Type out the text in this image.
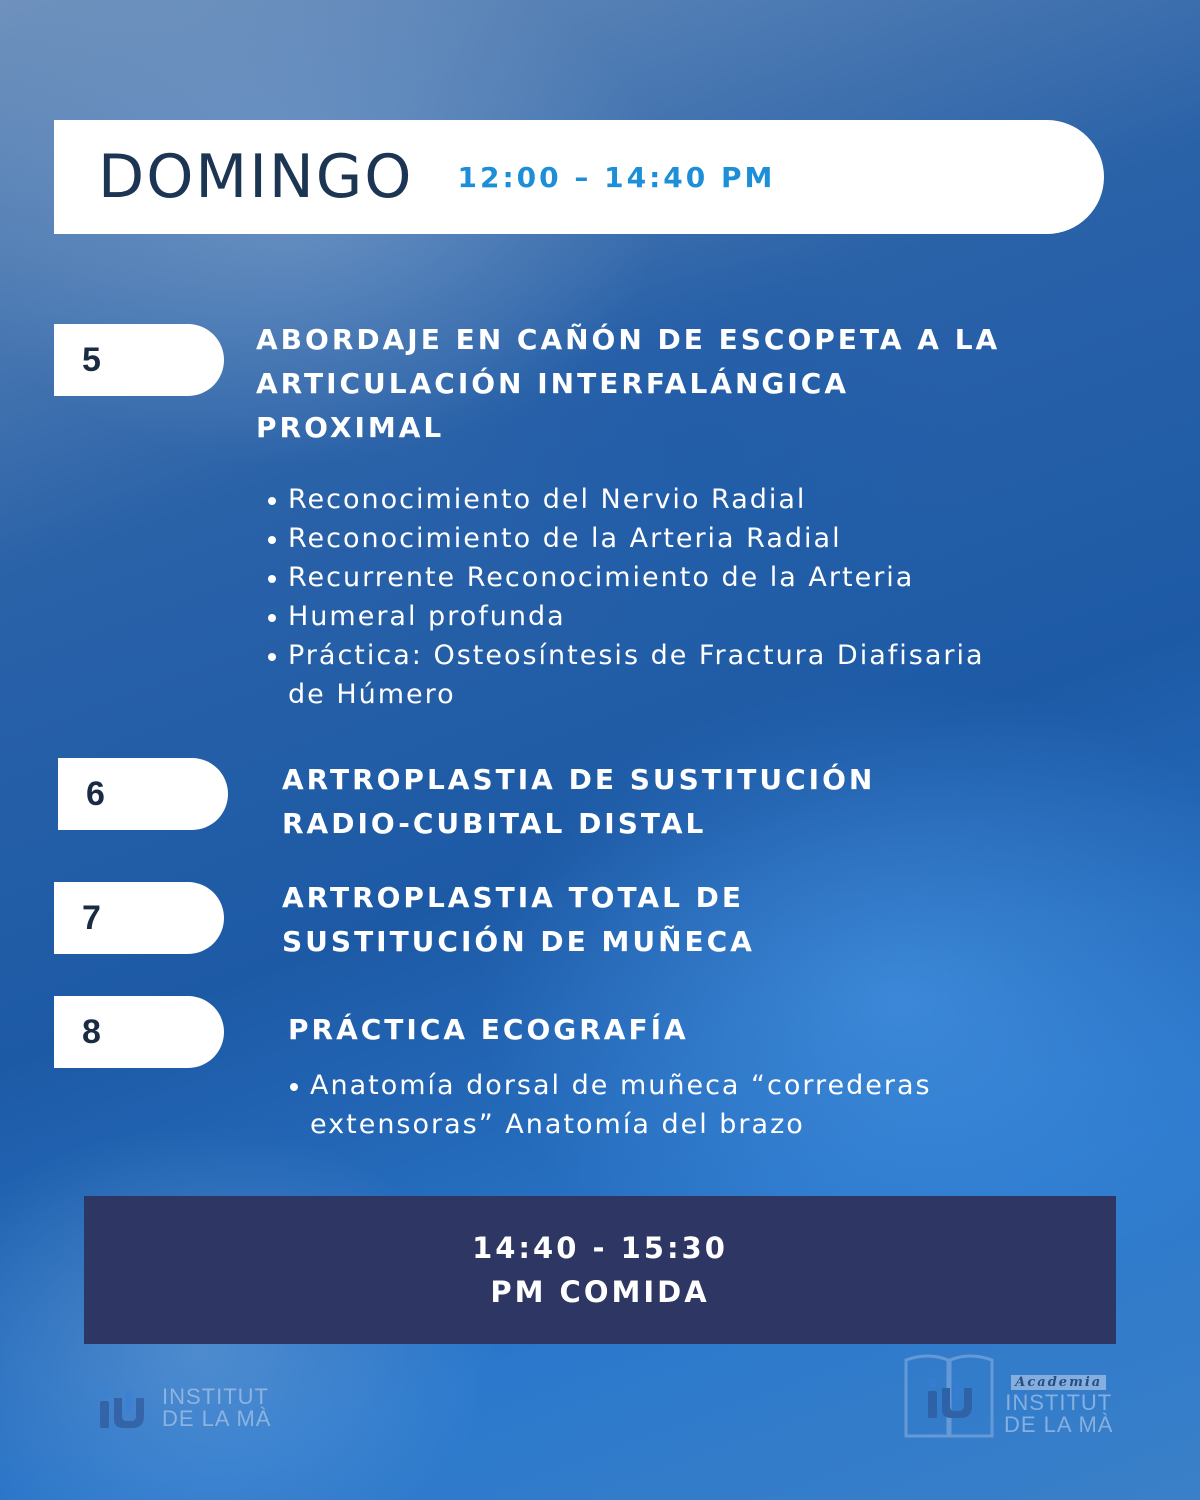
DOMINGO 12:00 – 14:40 PM
5
ABORDAJE EN CAÑÓN DE ESCOPETA A LA
ARTICULACIÓN INTERFALÁNGICA
PROXIMAL
Reconocimiento del Nervio Radial
Reconocimiento de la Arteria Radial
Recurrente Reconocimiento de la Arteria
Humeral profunda
Práctica: Osteosíntesis de Fractura Diafisaria
de Húmero
6	ARTROPLASTIA DE SUSTITUCIÓN
RADIO-CUBITAL DISTAL
7
ARTROPLASTIA TOTAL DE
SUSTITUCIÓN DE MUÑECA
8	PRÁCTICA ECOGRAFÍA
Anatomía dorsal de muñeca “correderas
extensoras” Anatomía del brazo
14:40 - 15:30
PM COMIDA
INSTITUT
DE LA MÀ
Academia
INSTITUT
DE LA MÀ
